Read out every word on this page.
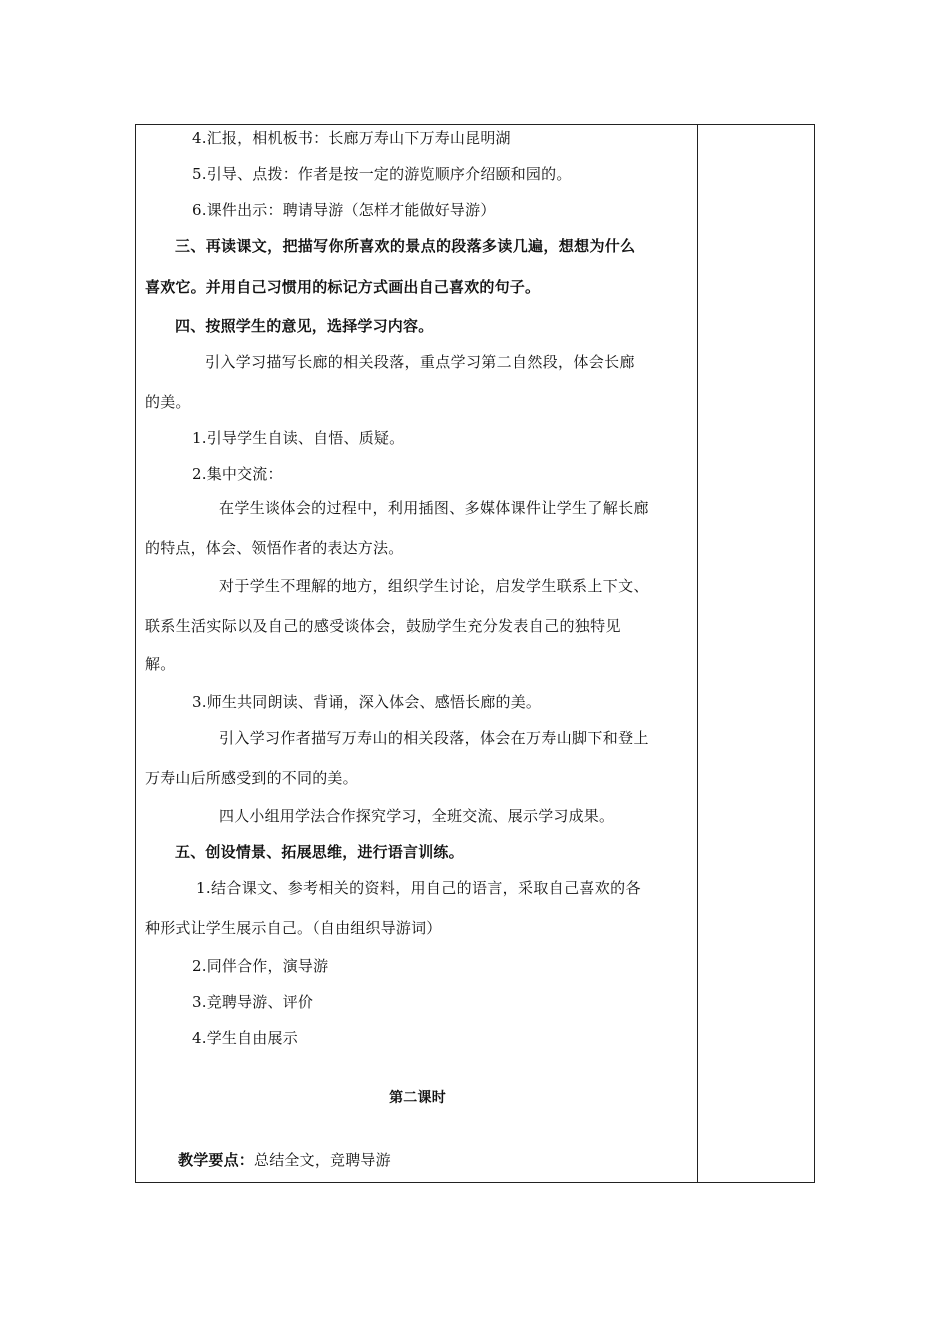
4.汇报，相机板书：长廊万寿山下万寿山昆明湖
5.引导、点拨：作者是按一定的游览顺序介绍颐和园的。
6.课件出示：聘请导游（怎样才能做好导游）
三、再读课文，把描写你所喜欢的景点的段落多读几遍，想想为什么
喜欢它。并用自己习惯用的标记方式画出自己喜欢的句子。
四、按照学生的意见，选择学习内容。
引入学习描写长廊的相关段落，重点学习第二自然段，体会长廊
的美。
1.引导学生自读、自悟、质疑。
2.集中交流：
在学生谈体会的过程中，利用插图、多媒体课件让学生了解长廊
的特点，体会、领悟作者的表达方法。
对于学生不理解的地方，组织学生讨论，启发学生联系上下文、
联系生活实际以及自己的感受谈体会，鼓励学生充分发表自己的独特见
解。
3.师生共同朗读、背诵，深入体会、感悟长廊的美。
引入学习作者描写万寿山的相关段落，体会在万寿山脚下和登上
万寿山后所感受到的不同的美。
四人小组用学法合作探究学习，全班交流、展示学习成果。
五、创设情景、拓展思维，进行语言训练。
1.结合课文、参考相关的资料，用自己的语言，采取自己喜欢的各
种形式让学生展示自己。（自由组织导游词）
2.同伴合作，演导游
3.竞聘导游、评价
4.学生自由展示
第二课时
教学要点：总结全文，竞聘导游
